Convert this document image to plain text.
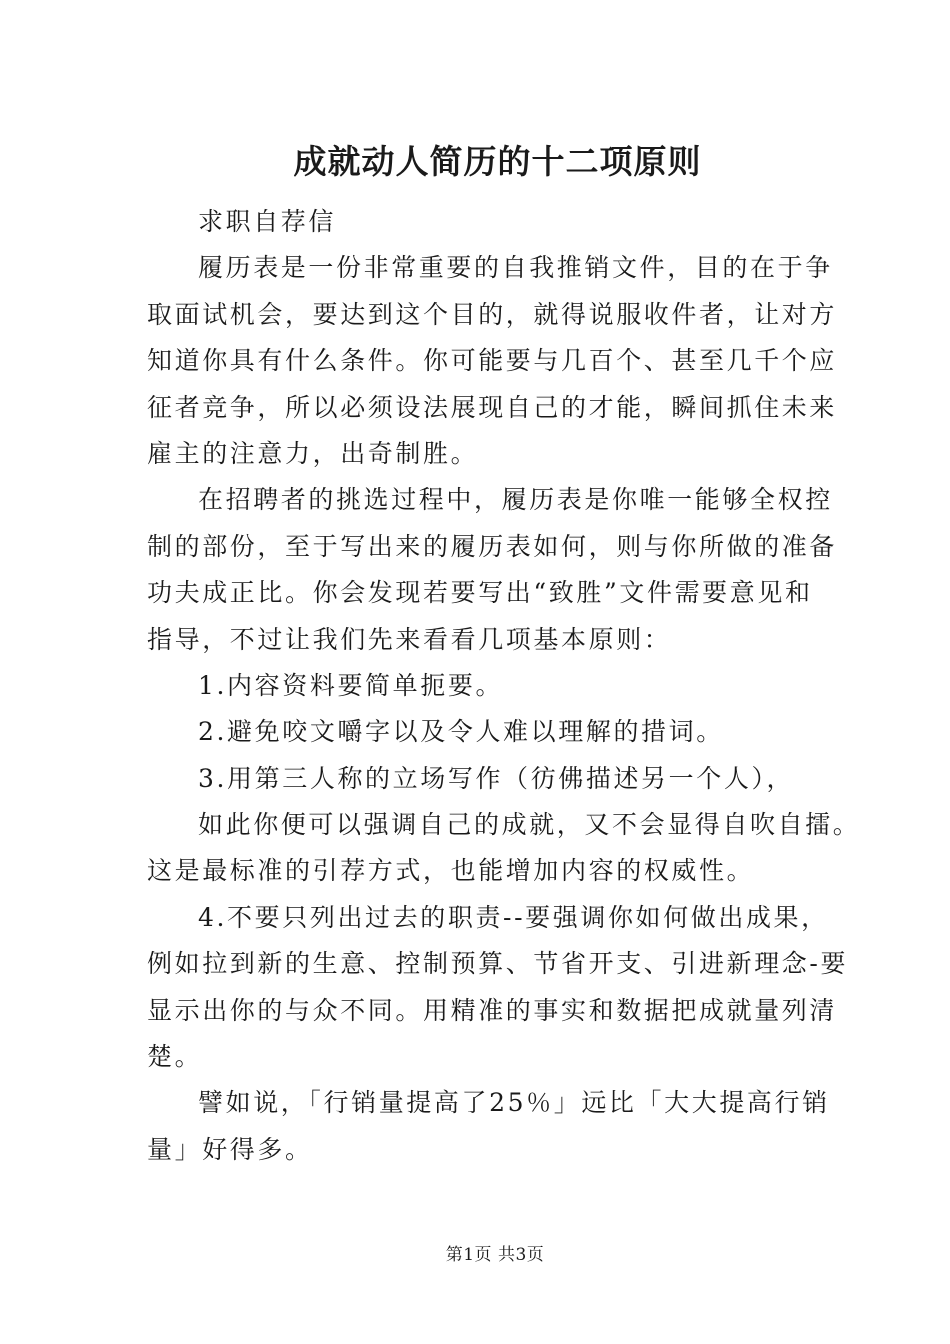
成就动人简历的十二项原则
求职自荐信
履历表是一份非常重要的自我推销文件，目的在于争
取面试机会，要达到这个目的，就得说服收件者，让对方
知道你具有什么条件。你可能要与几百个、甚至几千个应
征者竞争，所以必须设法展现自己的才能，瞬间抓住未来
雇主的注意力，出奇制胜。
在招聘者的挑选过程中，履历表是你唯一能够全权控
制的部份，至于写出来的履历表如何，则与你所做的准备
功夫成正比。你会发现若要写出“致胜”文件需要意见和
指导，不过让我们先来看看几项基本原则：
1.内容资料要简单扼要。
2.避免咬文嚼字以及令人难以理解的措词。
3.用第三人称的立场写作（彷佛描述另一个人），
如此你便可以强调自己的成就，又不会显得自吹自擂。
这是最标准的引荐方式，也能增加内容的权威性。
4.不要只列出过去的职责--要强调你如何做出成果，
例如拉到新的生意、控制预算、节省开支、引进新理念-要
显示出你的与众不同。用精准的事实和数据把成就量列清
楚。
譬如说，「行销量提高了25％」远比「大大提高行销
量」好得多。
第1页 共3页
